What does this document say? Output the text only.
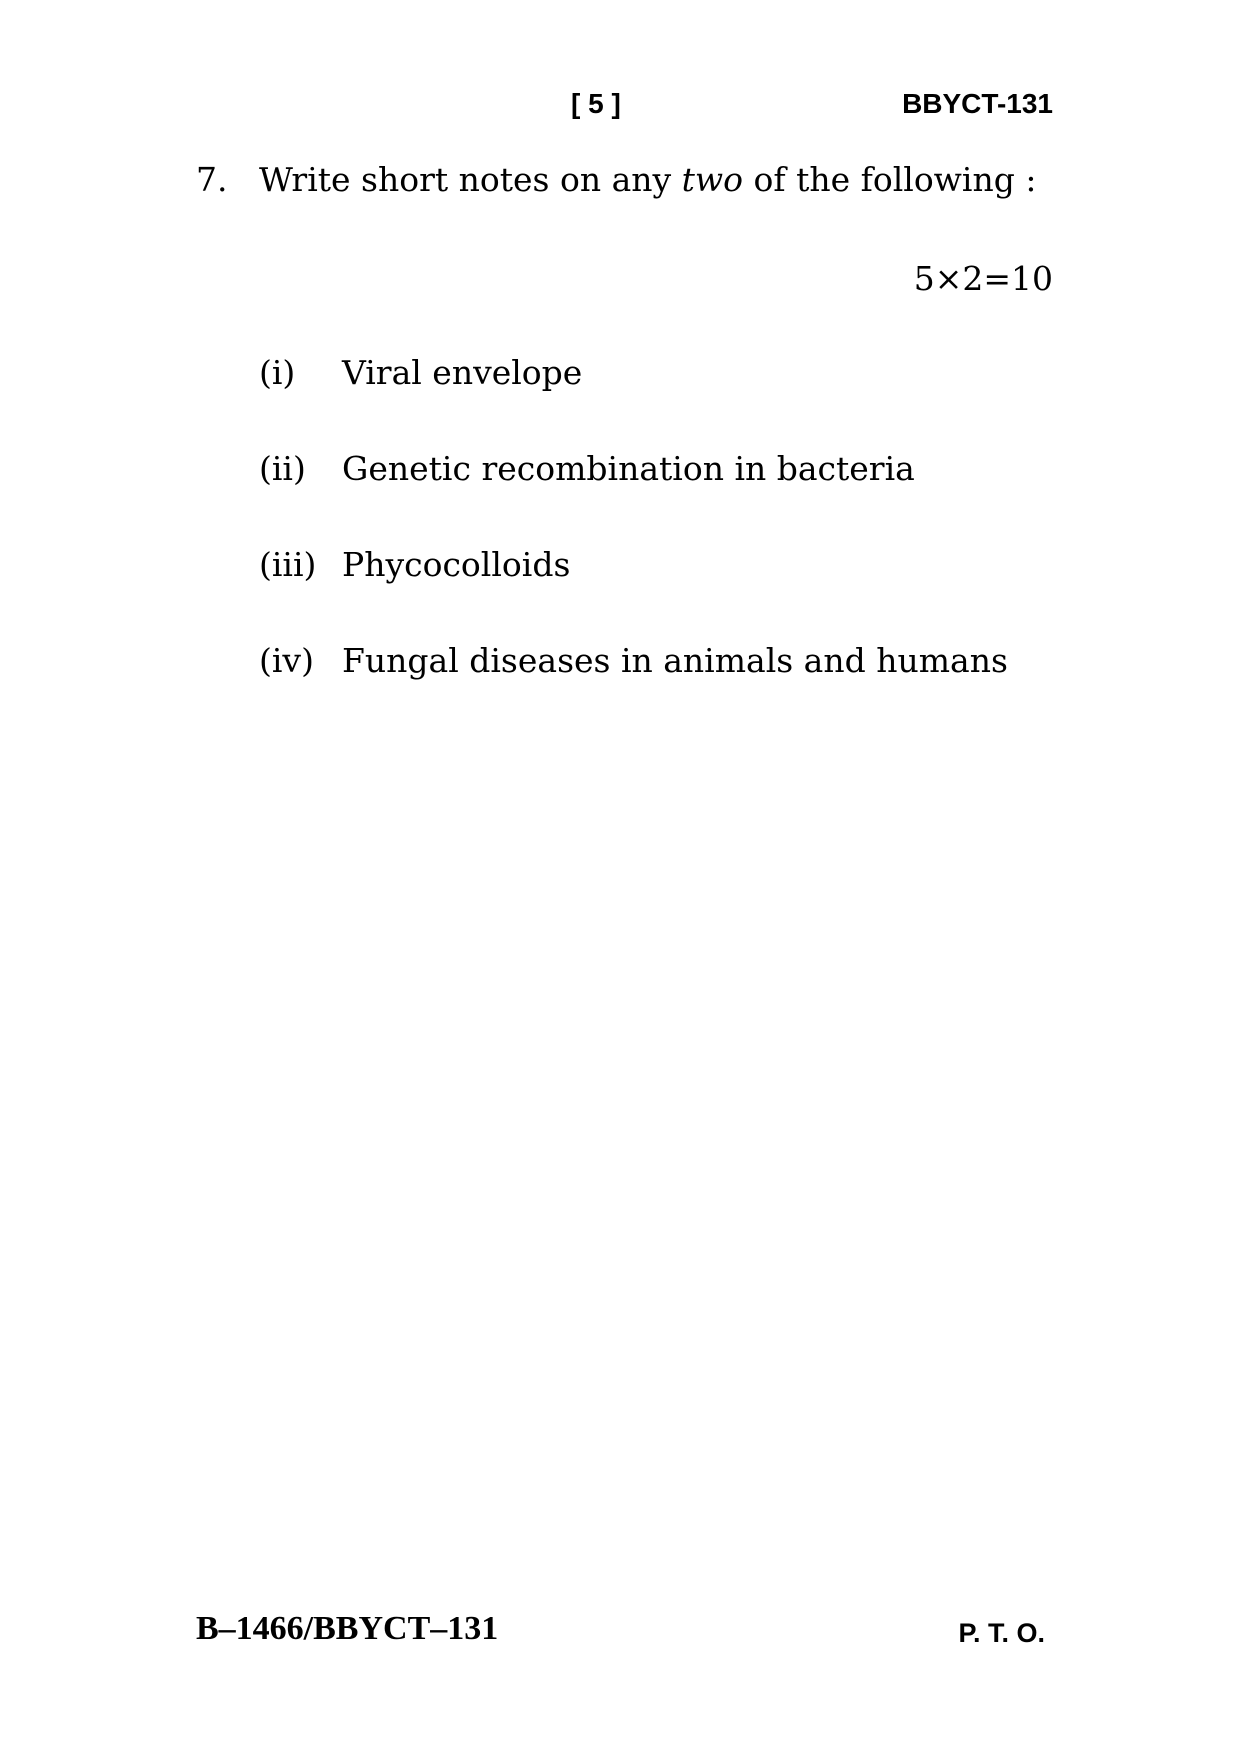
[ 5 ]	BBYCT-131
7. Write short notes on any two of the following :
5×2=10
(i) Viral envelope
(ii) Genetic recombination in bacteria
(iii) Phycocolloids
(iv) Fungal diseases in animals and humans
B–1466/BBYCT–131	P. T. O.
